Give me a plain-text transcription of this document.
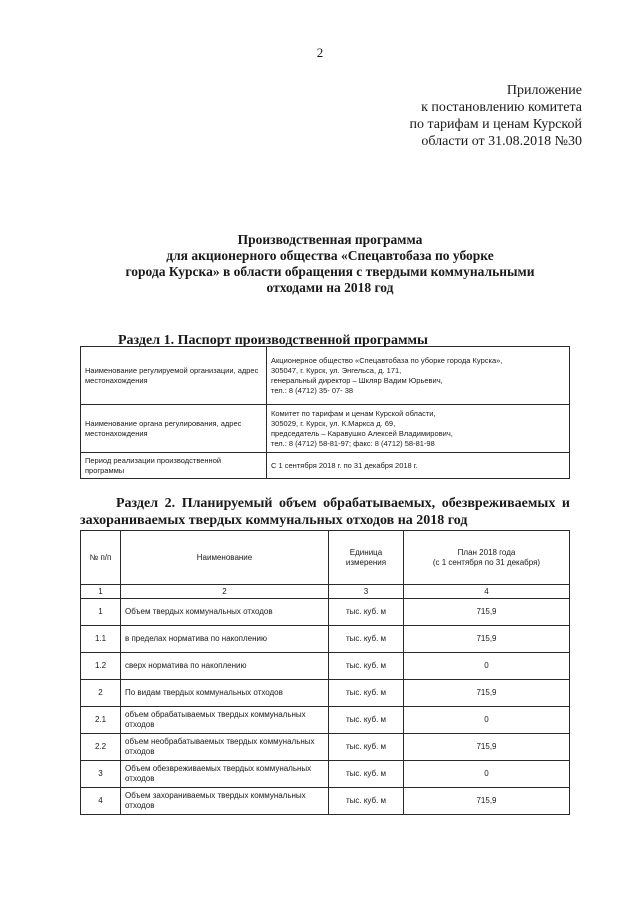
2
Приложение
к постановлению комитета
по тарифам и ценам Курской
области от 31.08.2018 №30
Производственная программа
для акционерного общества «Спецавтобаза по уборке
города Курска» в области обращения с твердыми коммунальными
отходами на 2018 год
Раздел 1. Паспорт производственной программы
Наименование регулируемой организации, адрес местонахождения	Акционерное общество «Спецавтобаза по уборке города Курска»,
305047, г. Курск, ул. Энгельса, д. 171,
генеральный директор – Шкляр Вадим Юрьевич,
тел.: 8 (4712) 35- 07- 38

Наименование органа регулирования, адрес местонахождения	Комитет по тарифам и ценам Курской области,
305029, г. Курск, ул. К.Маркса д. 69,
председатель – Каравушко Алексей Владимирович,
тел.: 8 (4712) 58-81-97; факс: 8 (4712) 58-81-98

Период реализации производственной программы	С 1 сентября 2018 г. по 31 декабря 2018 г.
Раздел 2. Планируемый объем обрабатываемых, обезвреживаемых и захораниваемых твердых коммунальных отходов на 2018 год
№ п/п	Наименование	Единица измерения	План 2018 года
(с 1 сентября по 31 декабря)

1	2	3	4
1	Объем твердых коммунальных отходов	тыс. куб. м	715,9
1.1	в пределах норматива по накоплению	тыс. куб. м	715,9
1.2	сверх норматива по накоплению	тыс. куб. м	0
2	По видам твердых коммунальных отходов	тыс. куб. м	715,9
2.1	объем обрабатываемых твердых коммунальных отходов	тыс. куб. м	0
2.2	объем необрабатываемых твердых коммунальных отходов	тыс. куб. м	715,9
3	Объем обезвреживаемых твердых коммунальных отходов	тыс. куб. м	0
4	Объем захораниваемых твердых коммунальных отходов	тыс. куб. м	715,9
